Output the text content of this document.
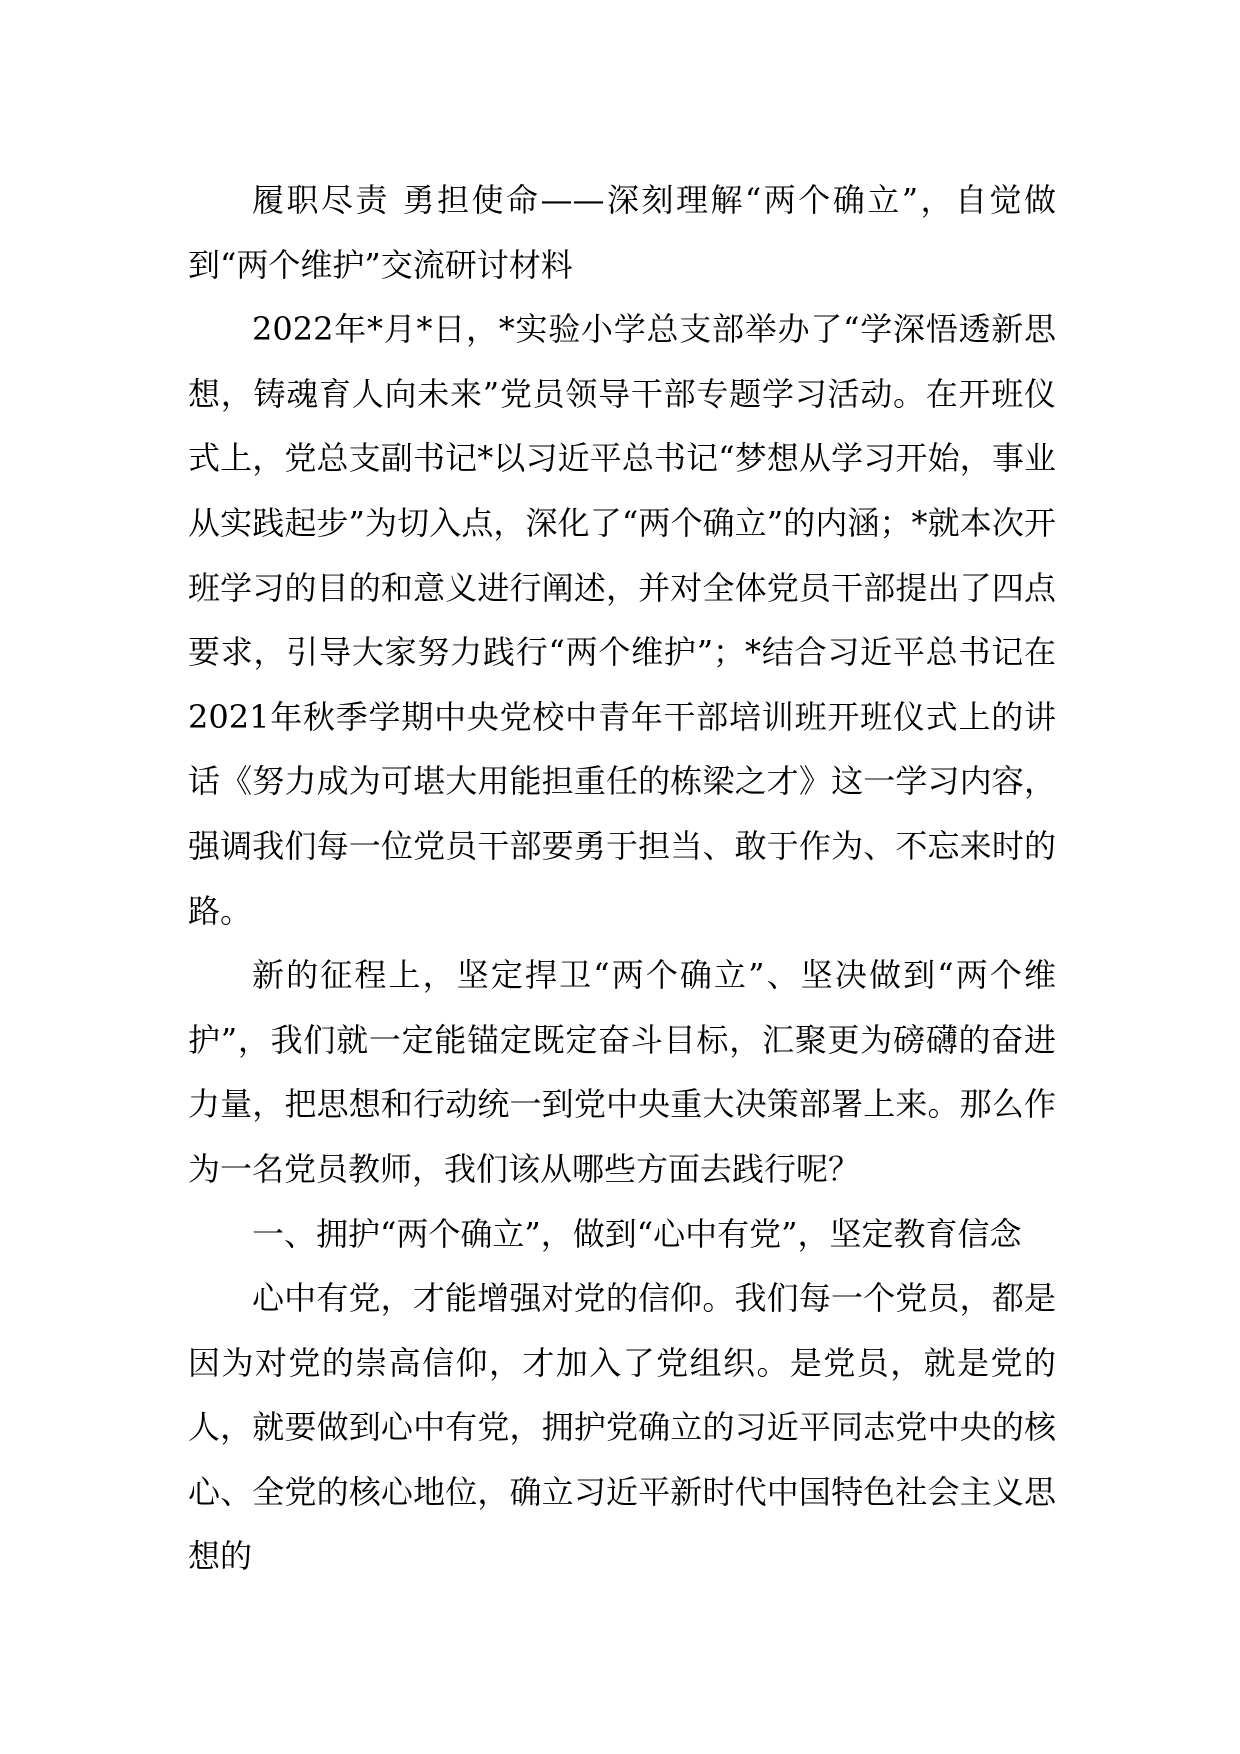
履职尽责 勇担使命——深刻理解“两个确立”，自觉做到“两个维护”交流研讨材料

2022年*月*日，*实验小学总支部举办了“学深悟透新思想，铸魂育人向未来”党员领导干部专题学习活动。在开班仪式上，党总支副书记*以习近平总书记“梦想从学习开始，事业从实践起步”为切入点，深化了“两个确立”的内涵；*就本次开班学习的目的和意义进行阐述，并对全体党员干部提出了四点要求，引导大家努力践行“两个维护”；*结合习近平总书记在2021年秋季学期中央党校中青年干部培训班开班仪式上的讲话《努力成为可堪大用能担重任的栋梁之才》这一学习内容，强调我们每一位党员干部要勇于担当、敢于作为、不忘来时的路。

新的征程上，坚定捍卫“两个确立”、坚决做到“两个维护”，我们就一定能锚定既定奋斗目标，汇聚更为磅礴的奋进力量，把思想和行动统一到党中央重大决策部署上来。那么作为一名党员教师，我们该从哪些方面去践行呢？

一、拥护“两个确立”，做到“心中有党”，坚定教育信念

心中有党，才能增强对党的信仰。我们每一个党员，都是因为对党的崇高信仰，才加入了党组织。是党员，就是党的人，就要做到心中有党，拥护党确立的习近平同志党中央的核心、全党的核心地位，确立习近平新时代中国特色社会主义思想的
